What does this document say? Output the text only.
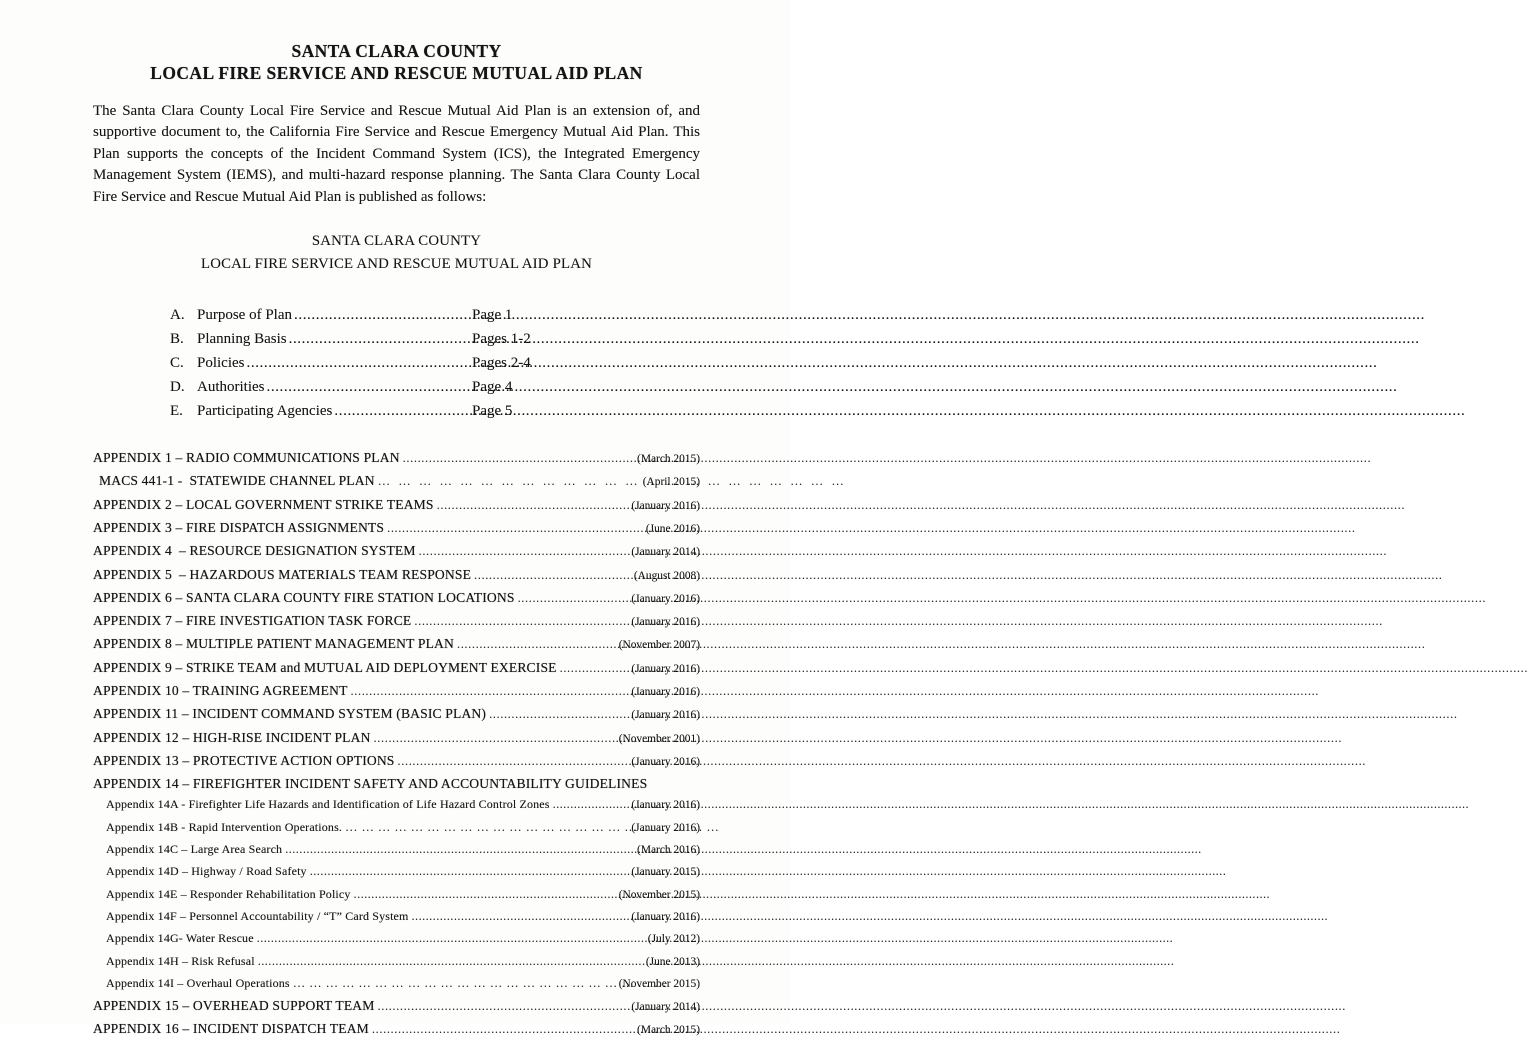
SANTA CLARA COUNTY
LOCAL FIRE SERVICE AND RESCUE MUTUAL AID PLAN
The Santa Clara County Local Fire Service and Rescue Mutual Aid Plan is an extension of, and supportive document to, the California Fire Service and Rescue Emergency Mutual Aid Plan. This Plan supports the concepts of the Incident Command System (ICS), the Integrated Emergency Management System (IEMS), and multi-hazard response planning. The Santa Clara County Local Fire Service and Rescue Mutual Aid Plan is published as follows:
SANTA CLARA COUNTY
LOCAL FIRE SERVICE AND RESCUE MUTUAL AID PLAN
A. Purpose of Plan .....	Page 1
B. Planning Basis .....	Pages 1-2
C. Policies .....	Pages 2-4
D. Authorities .....	Page 4
E. Participating Agencies .....	Page 5
APPENDIX 1 – RADIO COMMUNICATIONS PLAN .....	(March 2015)
MACS 441-1 -  STATEWIDE CHANNEL PLAN … … … … … … … … … … … … … … … … … … … … … … …	(April 2015)
APPENDIX 2 – LOCAL GOVERNMENT STRIKE TEAMS .....	(January 2016)
APPENDIX 3 – FIRE DISPATCH ASSIGNMENTS .....	(June 2016)
APPENDIX 4  – RESOURCE DESIGNATION SYSTEM .....	(January 2014)
APPENDIX 5  – HAZARDOUS MATERIALS TEAM RESPONSE .....	(August 2008)
APPENDIX 6 – SANTA CLARA COUNTY FIRE STATION LOCATIONS .....	(January 2016)
APPENDIX 7 – FIRE INVESTIGATION TASK FORCE .....	(January 2016)
APPENDIX 8 – MULTIPLE PATIENT MANAGEMENT PLAN .....	(November 2007)
APPENDIX 9 – STRIKE TEAM and MUTUAL AID DEPLOYMENT EXERCISE .....	(January 2016)
APPENDIX 10 – TRAINING AGREEMENT .....	(January 2016)
APPENDIX 11 – INCIDENT COMMAND SYSTEM (BASIC PLAN) .....	(January 2016)
APPENDIX 12 – HIGH-RISE INCIDENT PLAN .....	(November 2001)
APPENDIX 13 – PROTECTIVE ACTION OPTIONS .....	(January 2016)
APPENDIX 14 – FIREFIGHTER INCIDENT SAFETY AND ACCOUNTABILITY GUIDELINES
Appendix 14A - Firefighter Life Hazards and Identification of Life Hazard Control Zones .....	(January 2016)
Appendix 14B - Rapid Intervention Operations. … … … … … … … … … … … … … … … … … … … … … … …	(January 2016)
Appendix 14C – Large Area Search .....	(March 2016)
Appendix 14D – Highway / Road Safety .....	(January 2015)
Appendix 14E – Responder Rehabilitation Policy .....	(November 2015)
Appendix 14F – Personnel Accountability / “T” Card System .....	(January 2016)
Appendix 14G- Water Rescue .....	(July 2012)
Appendix 14H – Risk Refusal .....	(June 2013)
Appendix 14I – Overhaul Operations … … … … … … … … … … … … … … … … … … … … … … …	(November 2015)
APPENDIX 15 – OVERHEAD SUPPORT TEAM .....	(January 2014)
APPENDIX 16 – INCIDENT DISPATCH TEAM .....	(March 2015)
